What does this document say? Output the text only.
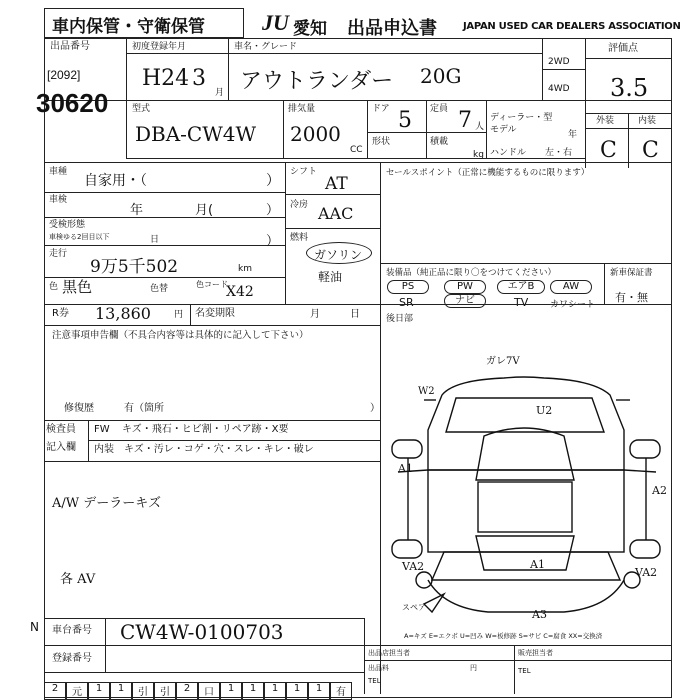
車内保管・守衛保管	JU 愛知 出品申込書	JAPAN USED CAR DEALERS ASSOCIATION
出品番号
[2092]
30620
初度登録年月
H24 3
月
車名・グレード
アウトランダー 20G
2WD
4WD
評価点
3.5
外装	内装
C C
型式
DBA-CW4W
排気量
2000
CC
ドア 5 定員 7 人
形状	積載
kg
ディーラー・型
モデル	年
ハンドル 左・右
車種
自家用・（	）
車検
年	月(	）
受検形態
車検ゆる2回目以下	日	）
走行
9万5千502	km
色 黒色	色替	色コード
X42
シフト
AT
冷房 AAC
燃料
ガソリン
軽油
セールスポイント（正常に機能するものに限ります）
装備品（純正品に限り〇をつけてください）	新車保証書
有・無
PS	PW	エアB	AW
SR	ナビ	TV カワシート
R券 13,860	円 名変期限	月	日	後日部
注意事項申告欄（不具合内容等は具体的に記入して下さい）
修復歴	有（箇所	）
検査員
記入欄
FW キズ・飛石・ヒビ割・リペア跡・X要
内装 キズ・汚レ・コゲ・穴・スレ・キレ・破レ
A/W デーラーキズ
各 AV
ガレ7V
W2
U2
A1
A2
VA2	A1
VA2
A3
スペア
A=キズ E=エクボ U=凹み W=板修跡 S=サビ C=腐食 XX=交換済
N 車台番号 CW4W-0100703
登録番号	出品店担当者
出品料	円
TEL
販売担当者
TEL
2	元	1	1	引	引	2	口	1	1	1	1	1	有
